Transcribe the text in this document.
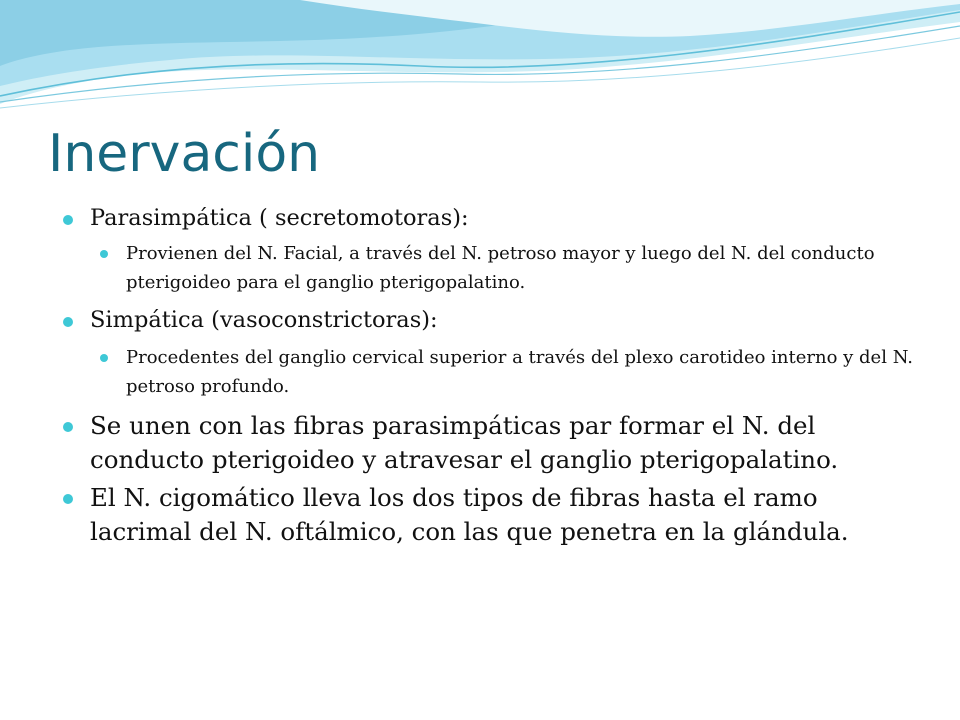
Inervación
Parasimpática ( secretomotoras):
Provienen del N. Facial, a través del N. petroso mayor y luego del N. del conducto pterigoideo para el ganglio pterigopalatino.
Simpática (vasoconstrictoras):
Procedentes del ganglio cervical superior a través del plexo carotideo interno y del N. petroso profundo.
Se unen con las fibras parasimpáticas par formar el N. del conducto pterigoideo y atravesar el ganglio pterigopalatino.
El N. cigomático lleva los dos tipos de fibras hasta el ramo lacrimal del N. oftálmico, con las que penetra en la glándula.
